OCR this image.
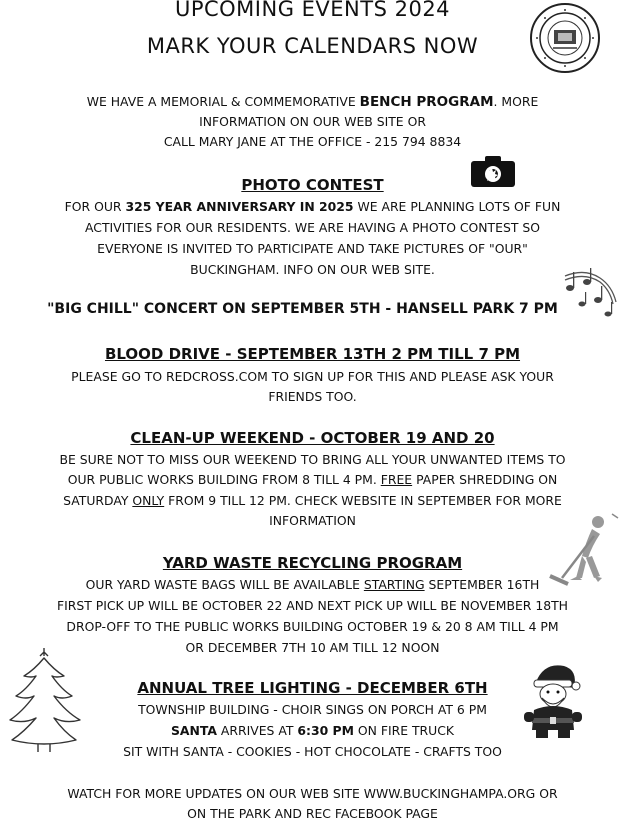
UPCOMING EVENTS 2024
MARK YOUR CALENDARS NOW
WE HAVE A MEMORIAL & COMMEMORATIVE BENCH PROGRAM. MORE
INFORMATION ON OUR WEB SITE OR
CALL MARY JANE AT THE OFFICE - 215 794 8834
PHOTO CONTEST
FOR OUR 325 YEAR ANNIVERSARY IN 2025 WE ARE PLANNING LOTS OF FUN
ACTIVITIES FOR OUR RESIDENTS. WE ARE HAVING A PHOTO CONTEST SO
EVERYONE IS INVITED TO PARTICIPATE AND TAKE PICTURES OF "OUR"
BUCKINGHAM. INFO ON OUR WEB SITE.
"BIG CHILL" CONCERT ON SEPTEMBER 5TH - HANSELL PARK 7 PM
BLOOD DRIVE - SEPTEMBER 13TH 2 PM TILL 7 PM
PLEASE GO TO REDCROSS.COM TO SIGN UP FOR THIS AND PLEASE ASK YOUR
FRIENDS TOO.
CLEAN-UP WEEKEND - OCTOBER 19 AND 20
BE SURE NOT TO MISS OUR WEEKEND TO BRING ALL YOUR UNWANTED ITEMS TO
OUR PUBLIC WORKS BUILDING FROM 8 TILL 4 PM. FREE PAPER SHREDDING ON
SATURDAY ONLY FROM 9 TILL 12 PM. CHECK WEBSITE IN SEPTEMBER FOR MORE
INFORMATION
YARD WASTE RECYCLING PROGRAM
OUR YARD WASTE BAGS WILL BE AVAILABLE STARTING SEPTEMBER 16TH
FIRST PICK UP WILL BE OCTOBER 22 AND NEXT PICK UP WILL BE NOVEMBER 18TH
DROP-OFF TO THE PUBLIC WORKS BUILDING OCTOBER 19 & 20 8 AM TILL 4 PM
OR DECEMBER 7TH 10 AM TILL 12 NOON
ANNUAL TREE LIGHTING - DECEMBER 6TH
TOWNSHIP BUILDING - CHOIR SINGS ON PORCH AT 6 PM
SANTA ARRIVES AT 6:30 PM ON FIRE TRUCK
SIT WITH SANTA - COOKIES - HOT CHOCOLATE - CRAFTS TOO
WATCH FOR MORE UPDATES ON OUR WEB SITE WWW.BUCKINGHAMPA.ORG OR
ON THE PARK AND REC FACEBOOK PAGE
